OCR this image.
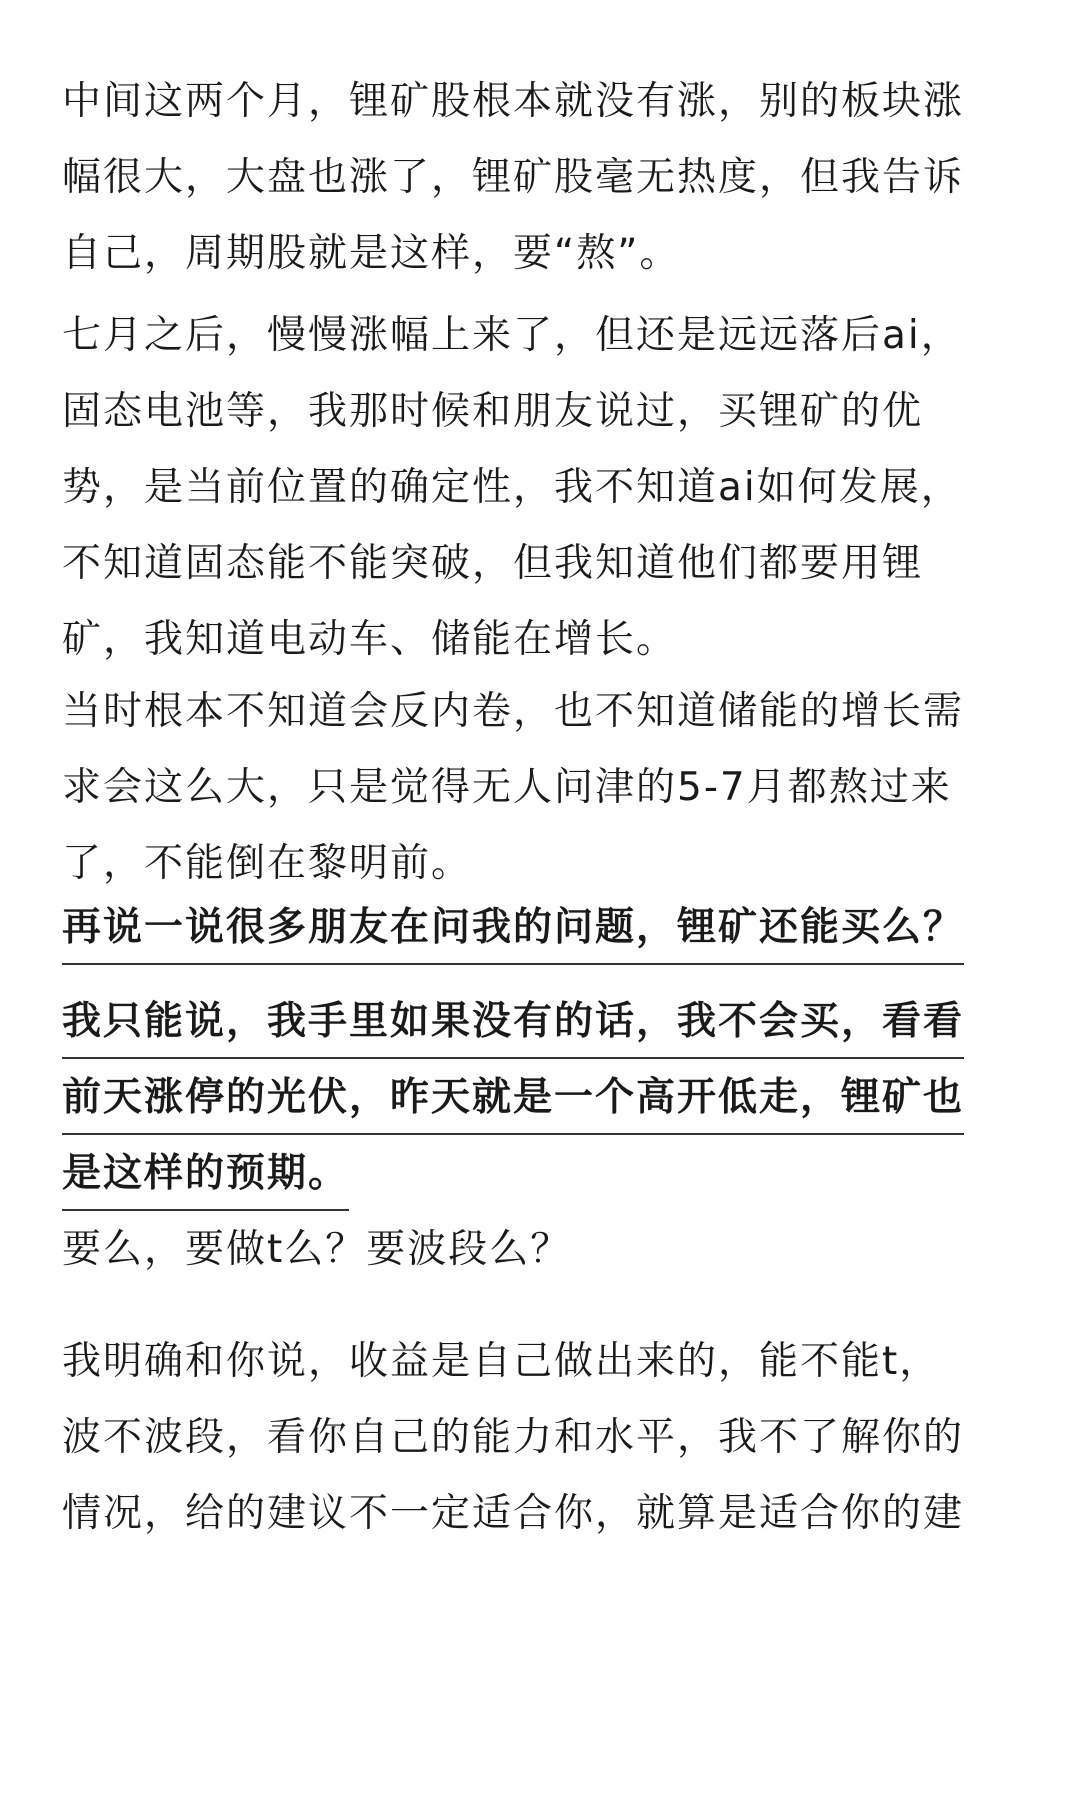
中间这两个月，锂矿股根本就没有涨，别的板块涨
幅很大，大盘也涨了，锂矿股毫无热度，但我告诉
自己，周期股就是这样，要“熬”。
七月之后，慢慢涨幅上来了，但还是远远落后ai，
固态电池等，我那时候和朋友说过，买锂矿的优
势，是当前位置的确定性，我不知道ai如何发展，
不知道固态能不能突破，但我知道他们都要用锂
矿，我知道电动车、储能在增长。
当时根本不知道会反内卷，也不知道储能的增长需
求会这么大，只是觉得无人问津的5-7月都熬过来
了，不能倒在黎明前。
再说一说很多朋友在问我的问题，锂矿还能买么？
我只能说，我手里如果没有的话，我不会买，看看
前天涨停的光伏，昨天就是一个高开低走，锂矿也
是这样的预期。
要么，要做t么？要波段么？
我明确和你说，收益是自己做出来的，能不能t，
波不波段，看你自己的能力和水平，我不了解你的
情况，给的建议不一定适合你，就算是适合你的建
